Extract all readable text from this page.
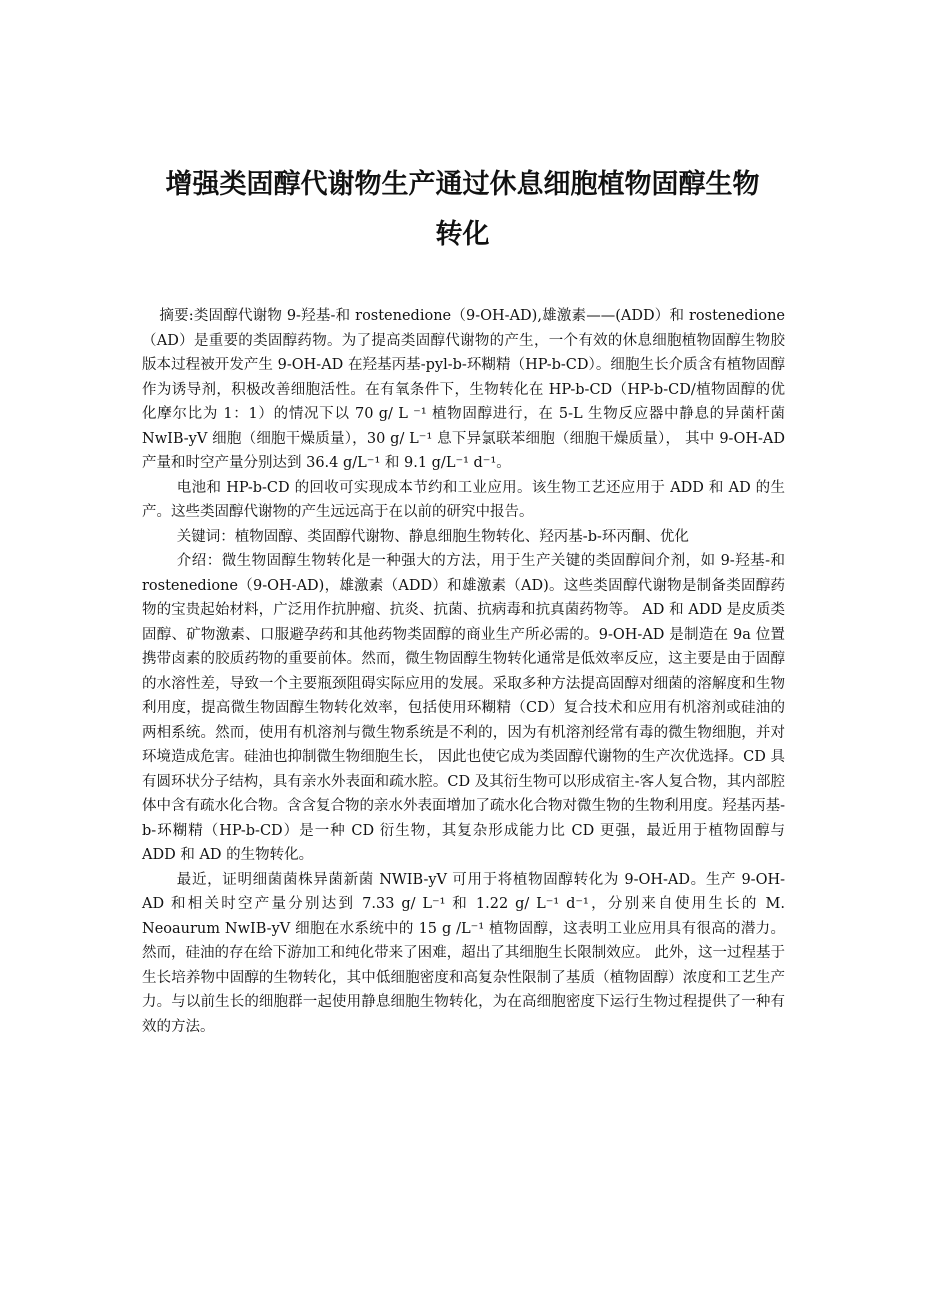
增强类固醇代谢物生产通过休息细胞植物固醇生物
转化

摘要:类固醇代谢物 9-羟基-和 rostenedione（9-OH-AD),雄激素——(ADD）和 rostenedione （AD）是重要的类固醇药物。为了提高类固醇代谢物的产生，一个有效的休息细胞植物固醇生物胶版本过程被开发产生 9-OH-AD 在羟基丙基-pyl-b-环糊精（HP-b-CD）。细胞生长介质含有植物固醇作为诱导剂，积极改善细胞活性。在有氧条件下，生物转化在 HP-b-CD（HP-b-CD/植物固醇的优化摩尔比为 1：1）的情况下以 70 g/ L ⁻¹ 植物固醇进行，在 5-L 生物反应器中静息的异菌杆菌 NwIB-yV 细胞（细胞干燥质量），30 g/ L⁻¹ 息下异氯联苯细胞（细胞干燥质量）， 其中 9-OH-AD 产量和时空产量分别达到 36.4 g/L⁻¹ 和 9.1 g/L⁻¹ d⁻¹。

电池和 HP-b-CD 的回收可实现成本节约和工业应用。该生物工艺还应用于 ADD 和 AD 的生产。这些类固醇代谢物的产生远远高于在以前的研究中报告。

关键词：植物固醇、类固醇代谢物、静息细胞生物转化、羟丙基-b-环丙酮、优化

介绍：微生物固醇生物转化是一种强大的方法，用于生产关键的类固醇间介剂，如 9-羟基-和 rostenedione（9-OH-AD)，雄激素（ADD）和雄激素（AD)。这些类固醇代谢物是制备类固醇药物的宝贵起始材料，广泛用作抗肿瘤、抗炎、抗菌、抗病毒和抗真菌药物等。 AD 和 ADD 是皮质类固醇、矿物激素、口服避孕药和其他药物类固醇的商业生产所必需的。9-OH-AD 是制造在 9a 位置携带卤素的胶质药物的重要前体。然而，微生物固醇生物转化通常是低效率反应，这主要是由于固醇的水溶性差，导致一个主要瓶颈阻碍实际应用的发展。采取多种方法提高固醇对细菌的溶解度和生物利用度，提高微生物固醇生物转化效率，包括使用环糊精（CD）复合技术和应用有机溶剂或硅油的两相系统。然而，使用有机溶剂与微生物系统是不利的，因为有机溶剂经常有毒的微生物细胞，并对环境造成危害。硅油也抑制微生物细胞生长， 因此也使它成为类固醇代谢物的生产次优选择。CD 具有圆环状分子结构，具有亲水外表面和疏水腔。CD 及其衍生物可以形成宿主-客人复合物，其内部腔体中含有疏水化合物。含含复合物的亲水外表面增加了疏水化合物对微生物的生物利用度。羟基丙基-b-环糊精（HP-b-CD）是一种 CD 衍生物，其复杂形成能力比 CD 更强，最近用于植物固醇与 ADD 和 AD 的生物转化。

最近，证明细菌菌株异菌新菌 NWIB-yV 可用于将植物固醇转化为 9-OH-AD。生产 9-OH-AD 和相关时空产量分别达到 7.33 g/ L⁻¹ 和 1.22 g/ L⁻¹ d⁻¹，分别来自使用生长的 M. Neoaurum NwIB-yV 细胞在水系统中的 15 g /L⁻¹ 植物固醇，这表明工业应用具有很高的潜力。然而，硅油的存在给下游加工和纯化带来了困难，超出了其细胞生长限制效应。 此外，这一过程基于生长培养物中固醇的生物转化，其中低细胞密度和高复杂性限制了基质（植物固醇）浓度和工艺生产力。与以前生长的细胞群一起使用静息细胞生物转化，为在高细胞密度下运行生物过程提供了一种有效的方法。
